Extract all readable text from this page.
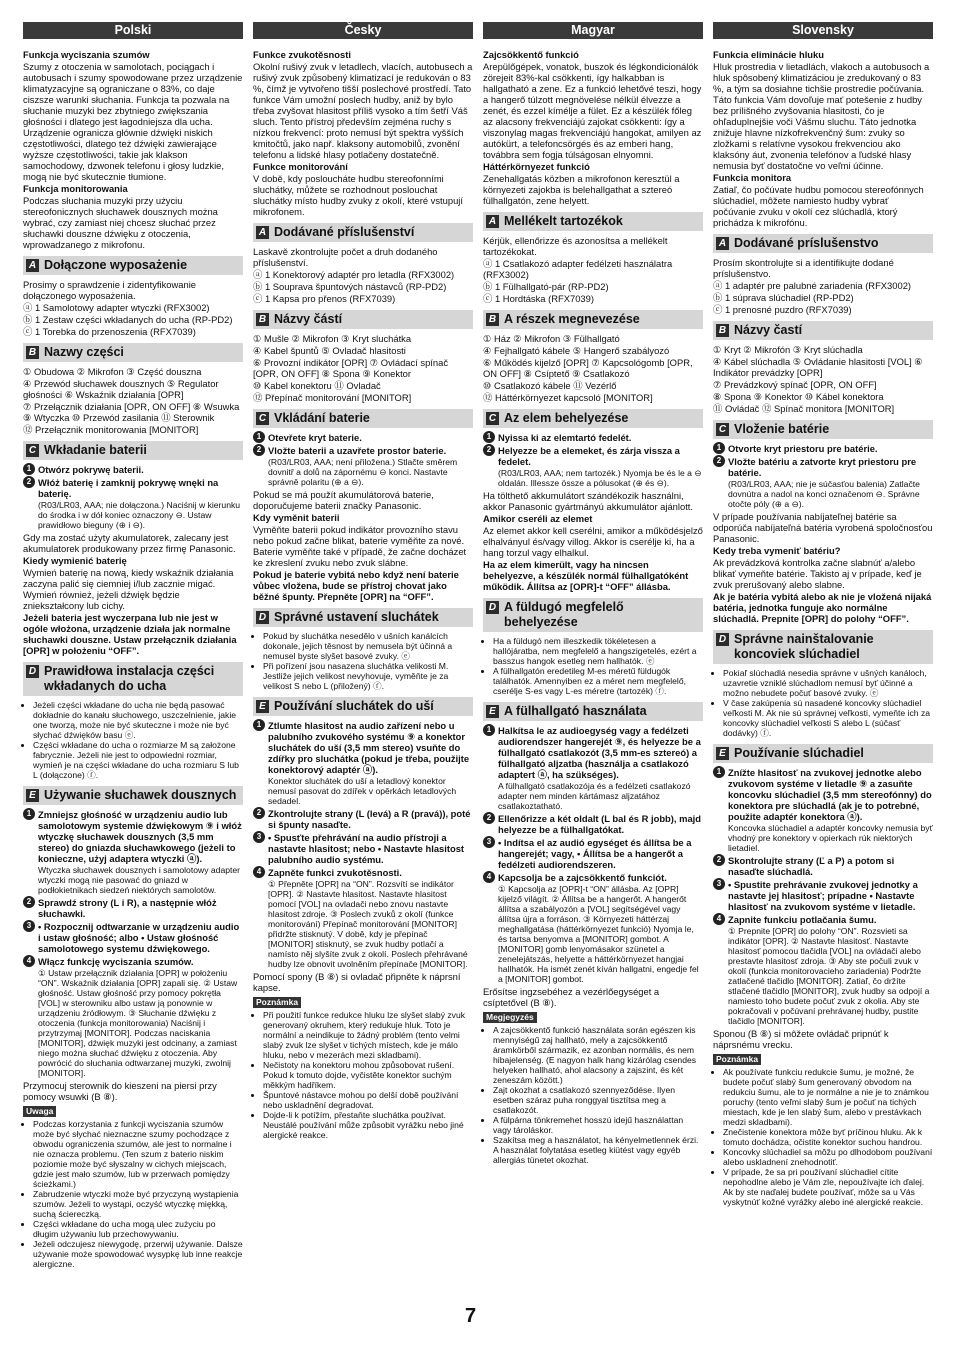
Polski

Funkcja wyciszania szumów

Szumy z otoczenia w samolotach, pociągach i autobusach i szumy spowodowane przez urządzenie klimatyzacyjne są ograniczane o 83%, co daje ciszsze warunki słuchania. Funkcja ta pozwala na słuchanie muzyki bez zbytniego zwiększania głośności i dlatego jest łagodniejsza dla ucha. Urządzenie ogranicza głównie dźwięki niskich częstotliwości, dlatego też dźwięki zawierające wyższe częstotliwości, takie jak klakson samochodowy, dzwonek telefonu i głosy ludzkie, mogą nie być skutecznie tłumione.

Funkcja monitorowania

Podczas słuchania muzyki przy użyciu stereofonicznych słuchawek dousznych można wybrać, czy zamiast niej chcesz słuchać przez słuchawki douszne dźwięku z otoczenia, wprowadzanego z mikrofonu.

A Dołączone wyposażenie

Prosimy o sprawdzenie i zidentyfikowanie dołączonego wyposażenia.

ⓐ 1 Samolotowy adapter wtyczki (RFX3002)

ⓑ 1 Zestaw części wkładanych do ucha (RP-PD2)

ⓒ 1 Torebka do przenoszenia (RFX7039)

B Nazwy części

① Obudowa ② Mikrofon ③ Część douszna

④ Przewód słuchawek dousznych ⑤ Regulator głośności ⑥ Wskaźnik działania [OPR]

⑦ Przełącznik działania [OPR, ON OFF] ⑧ Wsuwka ⑨ Wtyczka ⑩ Przewód zasilania ⑪ Sterownik

⑫ Przełącznik monitorowania [MONITOR]

C Wkładanie baterii
1 Otwórz pokrywę baterii.

2 Włóż baterię i zamknij pokrywę wnęki na baterię.

(R03/LR03, AAA; nie dołączona.) Naciśnij w kierunku do środka i w dół koniec oznaczony ⊖. Ustaw prawidłowo bieguny (⊕ i ⊖).

Gdy ma zostać użyty akumulatorek, zalecany jest akumulatorek produkowany przez firmę Panasonic.

Kiedy wymienić baterię

Wymień baterię na nową, kiedy wskaźnik działania zaczyna palić się ciemniej i/lub zacznie migać. Wymień również, jeżeli dźwięk będzie zniekształcony lub cichy.

Jeżeli bateria jest wyczerpana lub nie jest w ogóle włożona, urządzenie działa jak normalne słuchawki douszne. Ustaw przełącznik działania [OPR] w położeniu “OFF”.

D Prawidłowa instalacja części wkładanych do ucha
• Jeżeli części wkładane do ucha nie będą pasować dokładnie do kanału słuchowego, uszczelnienie, jakie one tworzą, może nie być skuteczne i może nie być słychać dźwięków basu ⓔ.
• Części wkładane do ucha o rozmiarze M są założone fabrycznie. Jeżeli nie jest to odpowiedni rozmiar, wymień je na części wkładane do ucha rozmiaru S lub L (dołączone) ⓕ.
E Używanie słuchawek dousznych
1 Zmniejsz głośność w urządzeniu audio lub samolotowym systemie dźwiękowym ⑨ i włóż wtyczkę słuchawek dousznych (3,5 mm stereo) do gniazda słuchawkowego (jeżeli to konieczne, użyj adaptera wtyczki ⓐ).

Wtyczka słuchawek dousznych i samolotowy adapter wtyczki mogą nie pasować do gniazd w podłokietnikach siedzeń niektórych samolotów.

2 Sprawdź strony (L i R), a następnie włóż słuchawki.

3 • Rozpocznij odtwarzanie w urządzeniu audio i ustaw głośność; albo • Ustaw głośność samolotowego systemu dźwiękowego.

4 Włącz funkcję wyciszania szumów.

① Ustaw przełącznik działania [OPR] w położeniu “ON”. Wskaźnik działania [OPR] zapali się. ② Ustaw głośność. Ustaw głośność przy pomocy pokrętła [VOL] w sterowniku albo ustaw ją ponownie w urządzeniu źródłowym. ③ Słuchanie dźwięku z otoczenia (funkcja monitorowania) Naciśnij i przytrzymaj [MONITOR]. Podczas naciskania [MONITOR], dźwięk muzyki jest odcinany, a zamiast niego można słuchać dźwięku z otoczenia. Aby powrócić do słuchania odtwarzanej muzyki, zwolnij [MONITOR].

Przymocuj sterownik do kieszeni na piersi przy pomocy wsuwki (B ⑧).

Uwaga
• Podczas korzystania z funkcji wyciszania szumów może być słychać nieznaczne szumy pochodzące z obwodu ograniczenia szumów, ale jest to normalne i nie oznacza problemu. (Ten szum z baterio niskim poziomie może być słyszalny w cichych miejscach, gdzie jest mało szumów, lub w przerwach pomiędzy ścieżkami.)
• Zabrudzenie wtyczki może być przyczyną wystąpienia szumów. Jeżeli to wystąpi, oczyść wtyczkę miękką, suchą ściereczką.
• Części wkładane do ucha mogą ulec zużyciu po długim używaniu lub przechowywaniu.
• Jeżeli odczujesz niewygodę, przerwij używanie. Dalsze używanie może spowodować wysypkę lub inne reakcje alergiczne.
Česky

Funkce zvukotěsnosti

Okolní rušivý zvuk v letadlech, vlacích, autobusech a rušivý zvuk způsobený klimatizací je redukován o 83 %, čímž je vytvořeno tišší poslechové prostředí. Tato funkce Vám umožní poslech hudby, aniž by bylo třeba zvyšovat hlasitost příliš vysoko a tím šetří Váš sluch. Tento přístroj především zejména ruchy s nízkou frekvencí: proto nemusí být spektra vyšších kmitočtů, jako např. klaksony automobilů, zvonění telefonu a lidské hlasy potlačeny dostatečně.

Funkce monitorování

V době, kdy posloucháte hudbu stereofonními sluchátky, můžete se rozhodnout poslouchat sluchátky místo hudby zvuky z okolí, které vstupují mikrofonem.

A Dodávané příslušenství

Laskavě zkontrolujte počet a druh dodaného příslušenství.

ⓐ 1 Konektorový adaptér pro letadla (RFX3002)

ⓑ 1 Souprava špuntových nástavců (RP-PD2)

ⓒ 1 Kapsa pro přenos (RFX7039)

B Názvy částí

① Mušle ② Mikrofon ③ Kryt sluchátka

④ Kabel špuntů ⑤ Ovladač hlasitosti

⑥ Provozní indikátor [OPR] ⑦ Ovládací spínač [OPR, ON OFF] ⑧ Spona ⑨ Konektor

⑩ Kabel konektoru ⑪ Ovladač

⑫ Přepínač monitorování [MONITOR]

C Vkládání baterie
1 Otevřete kryt baterie.

2 Vložte baterii a uzavřete prostor baterie.

(R03/LR03, AAA; není přiložena.) Stlačte směrem dovnitř a dolů na zápornému ⊖ konci. Nastavte správně polaritu (⊕ a ⊖).

Pokud se má použít akumulátorová baterie, doporučujeme baterii značky Panasonic.

Kdy vyměnit baterii

Vyměňte baterii pokud indikátor provozního stavu nebo pokud začne blikat, baterie vyměňte za nové. Baterie vyměňte také v případě, že začne docházet ke zkreslení zvuku nebo zvuk slábne.

Pokud je baterie vybitá nebo když není baterie vůbec vložena, bude se přístroj chovat jako běžné špunty. Přepněte [OPR] na “OFF”.

D Správné ustavení sluchátek
• Pokud by sluchátka nesedělo v ušních kanálcích dokonale, jejich těsnost by nemusela být účinná a nemusel byste slyšet basové zvuky. ⓔ
• Při pořízení jsou nasazena sluchátka velikosti M. Jestliže jejich velikost nevyhovuje, vyměňte je za velikost S nebo L (přiložený) ⓕ.
E Používání sluchátek do uší
1 Ztlumte hlasitost na audio zařízení nebo u palubního zvukového systému ⑨ a konektor sluchátek do uší (3,5 mm stereo) vsuňte do zdířky pro sluchátka (pokud je třeba, použijte konektorový adaptér ⓐ).

Konektor sluchátek do uší a letadlový konektor nemusí pasovat do zdířek v opěrkách letadlových sedadel.

2 Zkontrolujte strany (L (levá) a R (pravá)), poté si špunty nasaďte.

3 • Spusťte přehrávání na audio přístroji a nastavte hlasitost; nebo • Nastavte hlasitost palubního audio systému.

4 Zapněte funkci zvukotěsnosti.

① Přepněte [OPR] na “ON”. Rozsvítí se indikátor [OPR]. ② Nastavte hlasitost. Nastavte hlasitost pomocí [VOL] na ovladači nebo znovu nastavte hlasitost zdroje. ③ Poslech zvuků z okolí (funkce monitorování) Přepínač monitorování [MONITOR] přidržte stisknutý. V době, kdy je přepínač [MONITOR] stisknutý, se zvuk hudby potlačí a namísto něj slyšíte zvuk z okolí. Poslech přehrávané hudby lze obnovit uvolněním přepínače [MONITOR].

Pomocí spony (B ⑧) si ovladač připněte k náprsní kapse.

Poznámka
• Při použití funkce redukce hluku lze slyšet slabý zvuk generovaný okruhem, který redukuje hluk. Toto je normální a neindikuje to žádný problém (tento velmi slabý zvuk lze slyšet v tichých místech, kde je málo hluku, nebo v mezerách mezi skladbami).
• Nečistoty na konektoru mohou způsobovat rušení. Pokud k tomuto dojde, vyčistěte konektor suchým měkkým hadříkem.
• Špuntové nástavce mohou po delší době používání nebo uskladnění degradovat.
• Dojde-li k potížím, přestaňte sluchátka používat. Neustálé používání může způsobit vyrážku nebo jiné alergické reakce.
Magyar

Zajcsökkentő funkció

Arepülőgépek, vonatok, buszok és légkondicionálók zörejeit 83%-kal csökkenti, így halkabban is hallgatható a zene. Ez a funkció lehetővé teszi, hogy a hangerő túlzott megnövelése nélkül élvezze a zenét, és ezzel kímélje a fület. Ez a készülék főleg az alacsony frekvenciájú zajokat csökkenti: így a viszonylag magas frekvenciájú hangokat, amilyen az autókürt, a telefoncsörgés és az emberi hang, továbbra sem fogja túlságosan elnyomni.

Háttérkörnyezet funkció

Zenehallgatás közben a mikrofonon keresztül a környezeti zajokba is belehallgathat a sztereó fülhallgatón, zene helyett.

A Mellékelt tartozékok

Kérjük, ellenőrizze és azonosítsa a mellékelt tartozékokat.

ⓐ 1 Csatlakozó adapter fedélzeti használatra (RFX3002)

ⓑ 1 Fülhallgató-pár (RP-PD2)

ⓒ 1 Hordtáska (RFX7039)

B A részek megnevezése

① Ház ② Mikrofon ③ Fülhallgató

④ Fejhallgató kábele ⑤ Hangerő szabályozó

⑥ Működés kijelző [OPR] ⑦ Kapcsológomb [OPR, ON OFF] ⑧ Csíptető ⑨ Csatlakozó

⑩ Csatlakozó kábele ⑪ Vezérlő

⑫ Háttérkörnyezet kapcsoló [MONITOR]

C Az elem behelyezése
1 Nyissa ki az elemtartó fedelét.

2 Helyezze be a elemeket, és zárja vissza a fedelet.

(R03/LR03, AAA; nem tartozék.) Nyomja be és le a ⊖ oldalán. Illessze össze a pólusokat (⊕ és ⊖).

Ha tölthető akkumulátort szándékozik használni, akkor Panasonic gyártmányú akkumulátor ajánlott.

Amikor cseréli az elemet

Az elemet akkor kell cserélni, amikor a működésjelző elhalványul és/vagy villog. Akkor is cserélje ki, ha a hang torzul vagy elhalkul.

Ha az elem kimerült, vagy ha nincsen behelyezve, a készülék normál fülhallgatóként működik. Állítsa az [OPR]-t “OFF” állásba.

D A füldugó megfelelő behelyezése
• Ha a füldugó nem illeszkedik tökéletesen a hallójáratba, nem megfelelő a hangszigetelés, ezért a basszus hangok esetleg nem hallhatók. ⓔ
• A fülhallgatón eredetileg M-es méretű füldugók találhatók. Amennyiben ez a méret nem megfelelő, cserélje S-es vagy L-es méretre (tartozék) ⓕ.
E A fülhallgató használata
1 Halkítsa le az audioegység vagy a fedélzeti audiorendszer hangerejét ⑨, és helyezze be a fülhallgató csatlakozót (3,5 mm-es sztereó) a fülhallgató aljzatba (használja a csatlakozó adaptert ⓐ, ha szükséges).

A fülhallgató csatlakozója és a fedélzeti csatlakozó adapter nem minden kártámasz aljzatához csatlakoztatható.

2 Ellenőrizze a két oldalt (L bal és R jobb), majd helyezze be a fülhallgatókat.

3 • Indítsa el az audió egységet és állítsa be a hangerejét; vagy, • Állítsa be a hangerőt a fedélzeti audiorendszeren.

4 Kapcsolja be a zajcsökkentő funkciót.

① Kapcsolja az [OPR]-t “ON” állásba. Az [OPR] kijelző világít. ② Állítsa be a hangerőt. A hangerőt állítsa a szabályozón a [VOL] segítségével vagy állítsa újra a forráson. ③ Környezeti háttérzaj meghallgatása (háttérkörnyezet funkció) Nyomja le, és tartsa benyomva a [MONITOR] gombot. A [MONITOR] gomb lenyomásakor szünetel a zenelejátszás, helyette a háttérkörnyezet hangjai hallhatók. Ha ismét zenét kíván hallgatni, engedje fel a [MONITOR] gombot.

Erősítse ingzsebéhez a vezérlőegységet a csíptetővel (B ⑧).

Megjegyzés
• A zajcsökkentő funkció használata során egészen kis mennyiségű zaj hallható, mely a zajcsökkentő áramkörből származik, ez azonban normális, és nem hibajelenség. (E nagyon halk hang kizárólag csendes helyeken hallható, ahol alacsony a zajszint, és két zeneszám között.)
• Zajt okozhat a csatlakozó szennyeződése. Ilyen esetben száraz puha ronggyal tisztítsa meg a csatlakozót.
• A fülpárna tönkremehet hosszú idejű használattan vagy tároláskor.
• Szakítsa meg a használatot, ha kényelmetlennek érzi. A használat folytatása esetleg kiütést vagy egyéb allergiás tünetet okozhat.
Slovensky

Funkcia eliminácie hluku

Hluk prostredia v lietadlách, vlakoch a autobusoch a hluk spôsobený klimatizáciou je zredukovaný o 83 %, a tým sa dosiahne tichšie prostredie počúvania. Táto funkcia Vám dovoľuje mať potešenie z hudby bez prílišného zvyšovania hlasitosti, čo je ohľaduplnejšie voči Vášmu sluchu. Táto jednotka znižuje hlavne nízkofrekvenčný šum: zvuky so zložkami s relatívne vysokou frekvenciou ako klaksóny áut, zvonenia telefónov a ľudské hlasy nemusia byť dostatočne vo veľmi účinne.

Funkcia monitora

Zatiaľ, čo počúvate hudbu pomocou stereofónnych slúchadiel, môžete namiesto hudby vybrať počúvanie zvuku v okolí cez slúchadlá, ktorý prichádza k mikrofónu.

A Dodávané príslušenstvo

Prosím skontrolujte si a identifikujte dodané príslušenstvo.

ⓐ 1 adaptér pre palubné zariadenia (RFX3002)

ⓑ 1 súprava slúchadiel (RP-PD2)

ⓒ 1 prenosné puzdro (RFX7039)

B Názvy častí

① Kryt ② Mikrofón ③ Kryt slúchadla

④ Kábel slúchadla ⑤ Ovládanie hlasitosti [VOL] ⑥ Indikátor prevádzky [OPR]

⑦ Prevádzkový spínač [OPR, ON OFF]

⑧ Spona ⑨ Konektor ⑩ Kábel konektora

⑪ Ovládač ⑫ Spínač monitora [MONITOR]

C Vloženie batérie
1 Otvorte kryt priestoru pre batérie.

2 Vložte batériu a zatvorte kryt priestoru pre batérie.

(R03/LR03, AAA; nie je súčasťou balenia) Zatlačte dovnútra a nadol na konci označenom ⊖. Správne otočte póly (⊕ a ⊖).

V prípade používania nabíjateľnej batérie sa odporúča nabíjateľná batéria vyrobená spoločnosťou Panasonic.

Kedy treba vymeniť batériu?

Ak prevádzková kontrolka začne slabnúť a/alebo blikať vymeňte batérie. Takisto aj v prípade, keď je zvuk prerušovaný alebo slabne.

Ak je batéria vybitá alebo ak nie je vložená nijaká batéria, jednotka funguje ako normálne slúchadlá. Prepnite [OPR] do polohy “OFF”.

D Správne nainštalovanie koncoviek slúchadiel
• Pokiaľ slúchadlá nesedia správne v ušných kanáloch, uzavretie vzniklé slúchadlom nemusí byť účinné a možno nebudete počuť basové zvuky. ⓔ
• V čase zakúpenia sú nasadené koncovky slúchadiel veľkosti M. Ak nie sú správnej veľkosti, vymeňte ich za koncovky slúchadiel veľkosti S alebo L (súčasť dodávky) ⓕ.
E Používanie slúchadiel
1 Znížte hlasitosť na zvukovej jednotke alebo zvukovom systéme v lietadle ⑨ a zasuňte koncovku slúchadiel (3,5 mm stereofónny) do konektora pre slúchadlá (ak je to potrebné, použite adaptér konektora ⓐ).

Koncovka slúchadiel a adaptér koncovky nemusia byť vhodný pre konektory v opierkach rúk niektorých lietadiel.

2 Skontrolujte strany (Ľ a P) a potom si nasaďte slúchadlá.

3 • Spustite prehrávanie zvukovej jednotky a nastavte jej hlasitosť; prípadne • Nastavte hlasitosť na zvukovom systéme v lietadle.

4 Zapnite funkciu potlačania šumu.

① Prepnite [OPR] do polohy “ON”. Rozsvieti sa indikátor [OPR]. ② Nastavte hlasitosť. Nastavte hlasitosť pomocou tlačidla [VOL] na ovládači alebo prestavte hlasitosť zdroja. ③ Aby ste počuli zvuk v okolí (funkcia monitorovacieho zariadenia) Podržte zatlačené tlačidlo [MONITOR]. Zatiaľ, čo držíte stlačené tlačidlo [MONITOR], zvuk hudby sa odpojí a namiesto toho budete počuť zvuk z okolia. Aby ste pokračovali v počúvaní prehrávanej hudby, pustite tlačidlo [MONITOR].

Sponou (B ⑧) si môžete ovládač pripnúť k náprsnému vrecku.

Poznámka
• Ak používate funkciu redukcie šumu, je možné, že budete počuť slabý šum generovaný obvodom na redukciu šumu, ale to je normálne a nie je to známkou poruchy (tento veľmi slabý šum je počuť na tichých miestach, kde je len slabý šum, alebo v prestávkach medzi skladbami).
• Znečistenie konektora môže byť príčinou hluku. Ak k tomuto dochádza, očistite konektor suchou handrou.
• Koncovky slúchadiel sa môžu po dlhodobom používaní alebo uskladnení znehodnotiť.
• V prípade, že sa pri používaní slúchadiel cítite nepohodlne alebo je Vám zle, nepoužívajte ich ďalej. Ak by ste naďalej budete používať, môže sa u Vás vyskytnúť kožné vyrážky alebo iné alergické reakcie.
7
